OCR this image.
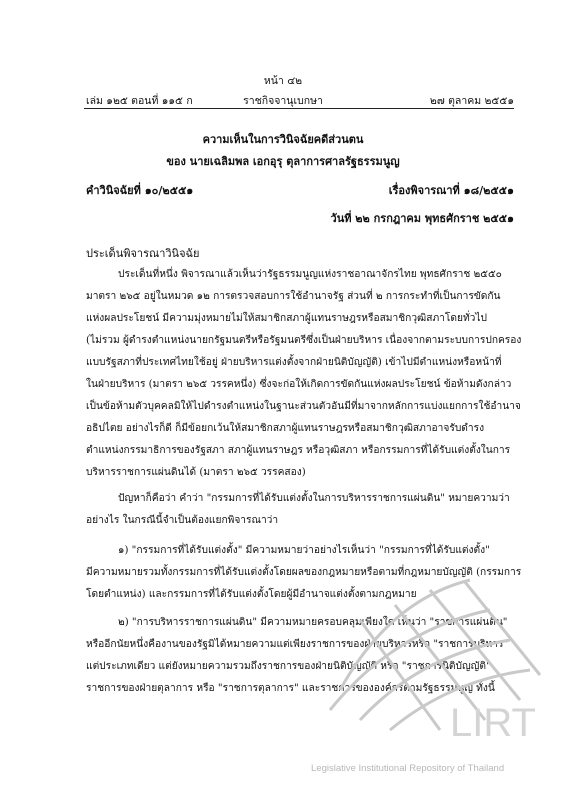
หน้า ๔๒
เล่ม ๑๒๕ ตอนที่ ๑๑๕ ก	ราชกิจจานุเบกษา	๒๗ ตุลาคม ๒๕๕๑
ความเห็นในการวินิจฉัยคดีส่วนตน
ของ นายเฉลิมพล เอกอุรุ ตุลาการศาลรัฐธรรมนูญ
คำวินิจฉัยที่ ๑๐/๒๕๕๑	เรื่องพิจารณาที่ ๑๘/๒๕๕๑
วันที่ ๒๒ กรกฎาคม พุทธศักราช ๒๕๕๑
ประเด็นพิจารณาวินิจฉัย
ประเด็นที่หนึ่ง พิจารณาแล้วเห็นว่ารัฐธรรมนูญแห่งราชอาณาจักรไทย พุทธศักราช ๒๕๕๐
มาตรา ๒๖๕ อยู่ในหมวด ๑๒ การตรวจสอบการใช้อำนาจรัฐ ส่วนที่ ๒ การกระทำที่เป็นการขัดกัน
แห่งผลประโยชน์ มีความมุ่งหมายไม่ให้สมาชิกสภาผู้แทนราษฎรหรือสมาชิกวุฒิสภาโดยทั่วไป
(ไม่รวม ผู้ดำรงตำแหน่งนายกรัฐมนตรีหรือรัฐมนตรีซึ่งเป็นฝ่ายบริหาร เนื่องจากตามระบบการปกครอง
แบบรัฐสภาที่ประเทศไทยใช้อยู่ ฝ่ายบริหารแต่งตั้งจากฝ่ายนิติบัญญัติ) เข้าไปมีตำแหน่งหรือหน้าที่
ในฝ่ายบริหาร (มาตรา ๒๖๕ วรรคหนึ่ง) ซึ่งจะก่อให้เกิดการขัดกันแห่งผลประโยชน์ ข้อห้ามดังกล่าว
เป็นข้อห้ามตัวบุคคลมิให้ไปดำรงตำแหน่งในฐานะส่วนตัวอันมีที่มาจากหลักการแบ่งแยกการใช้อำนาจ
อธิปไตย อย่างไรก็ดี ก็มีข้อยกเว้นให้สมาชิกสภาผู้แทนราษฎรหรือสมาชิกวุฒิสภาอาจรับดำรง
ตำแหน่งกรรมาธิการของรัฐสภา สภาผู้แทนราษฎร หรือวุฒิสภา หรือกรรมการที่ได้รับแต่งตั้งในการ
บริหารราชการแผ่นดินได้ (มาตรา ๒๖๕ วรรคสอง)
ปัญหาก็คือว่า คำว่า "กรรมการที่ได้รับแต่งตั้งในการบริหารราชการแผ่นดิน" หมายความว่า
อย่างไร ในกรณีนี้จำเป็นต้องแยกพิจารณาว่า
๑) "กรรมการที่ได้รับแต่งตั้ง" มีความหมายว่าอย่างไรเห็นว่า "กรรมการที่ได้รับแต่งตั้ง"
มีความหมายรวมทั้งกรรมการที่ได้รับแต่งตั้งโดยผลของกฎหมายหรือตามที่กฎหมายบัญญัติ (กรรมการ
โดยตำแหน่ง) และกรรมการที่ได้รับแต่งตั้งโดยผู้มีอำนาจแต่งตั้งตามกฎหมาย
๒) "การบริหารราชการแผ่นดิน" มีความหมายครอบคลุมเพียงใด เห็นว่า "ราชการแผ่นดิน"
หรืออีกนัยหนึ่งคืองานของรัฐมิได้หมายความแต่เพียงราชการของฝ่ายบริหารหรือ "ราชการบริหาร"
แต่ประเภทเดียว แต่ยังหมายความรวมถึงราชการของฝ่ายนิติบัญญัติ หรือ "ราชการนิติบัญญัติ"
ราชการของฝ่ายตุลาการ หรือ "ราชการตุลาการ" และราชการขององค์กรตามรัฐธรรมนูญ ทั้งนี้
LIRT
Legislative Institutional Repository of Thailand
